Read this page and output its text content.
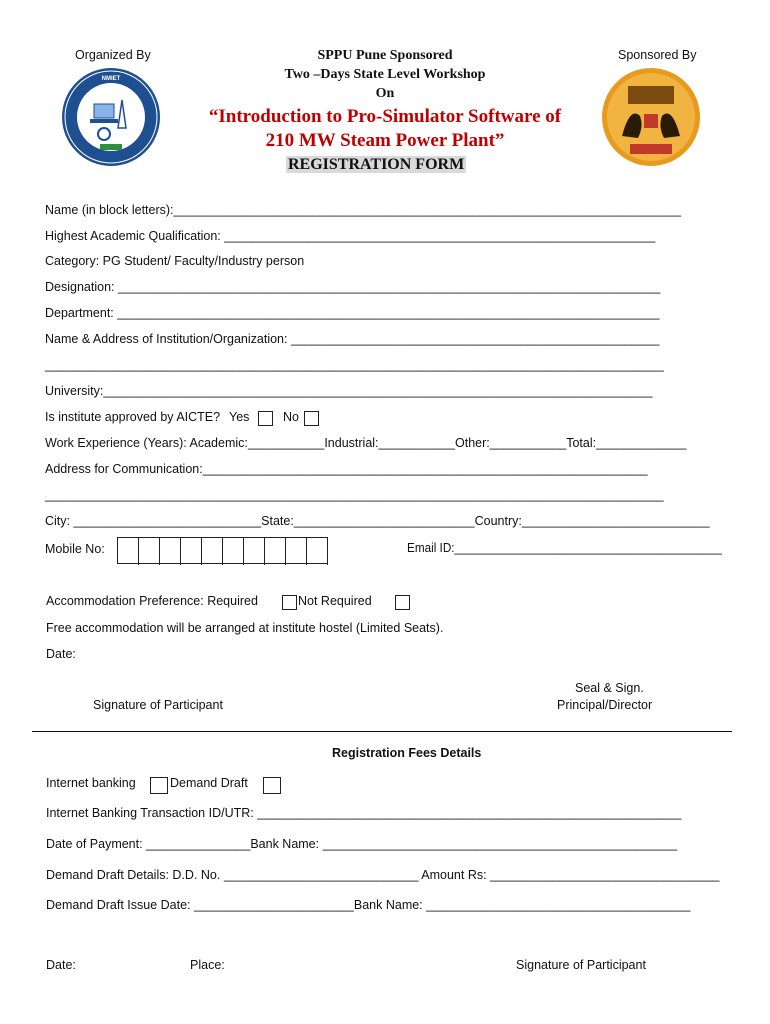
Organized By	Sponsored By
NMIET
SPPU Pune Sponsored
Two –Days State Level Workshop
On
“Introduction to Pro-Simulator Software of
210 MW Steam Power Plant”
REGISTRATION FORM
Name (in block letters):_________________________________________________________________________
Highest Academic Qualification: ______________________________________________________________
Category: PG Student/ Faculty/Industry person
Designation: ______________________________________________________________________________
Department: ______________________________________________________________________________
Name & Address of Institution/Organization: _____________________________________________________
_________________________________________________________________________________________
University:_______________________________________________________________________________
Is institute approved by AICTE? Yes	No
Work Experience (Years): Academic:___________Industrial:___________Other:___________Total:_____________
Address for Communication:________________________________________________________________
_________________________________________________________________________________________
City: ___________________________State:__________________________Country:___________________________
Mobile No:	Email ID:_________________________________________
Accommodation Preference: Required	Not Required
Free accommodation will be arranged at institute hostel (Limited Seats).
Date:
Signature of Participant
Seal & Sign.
Principal/Director
Registration Fees Details
Internet banking	Demand Draft
Internet Banking Transaction ID/UTR: _____________________________________________________________
Date of Payment: _______________Bank Name: ___________________________________________________
Demand Draft Details: D.D. No. ____________________________ Amount Rs: _________________________________
Demand Draft Issue Date: _______________________Bank Name: ______________________________________
Date:	Place:	Signature of Participant
